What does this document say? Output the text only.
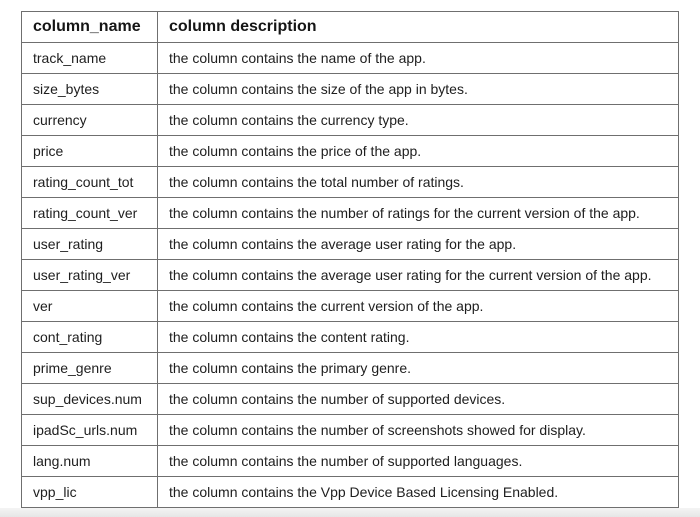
column_name	column description
track_name	the column contains the name of the app.
size_bytes	the column contains the size of the app in bytes.
currency	the column contains the currency type.
price	the column contains the price of the app.
rating_count_tot	the column contains the total number of ratings.
rating_count_ver	the column contains the number of ratings for the current version of the app.
user_rating	the column contains the average user rating for the app.
user_rating_ver	the column contains the average user rating for the current version of the app.
ver	the column contains the current version of the app.
cont_rating	the column contains the content rating.
prime_genre	the column contains the primary genre.
sup_devices.num	the column contains the number of supported devices.
ipadSc_urls.num	the column contains the number of screenshots showed for display.
lang.num	the column contains the number of supported languages.
vpp_lic	the column contains the Vpp Device Based Licensing Enabled.
